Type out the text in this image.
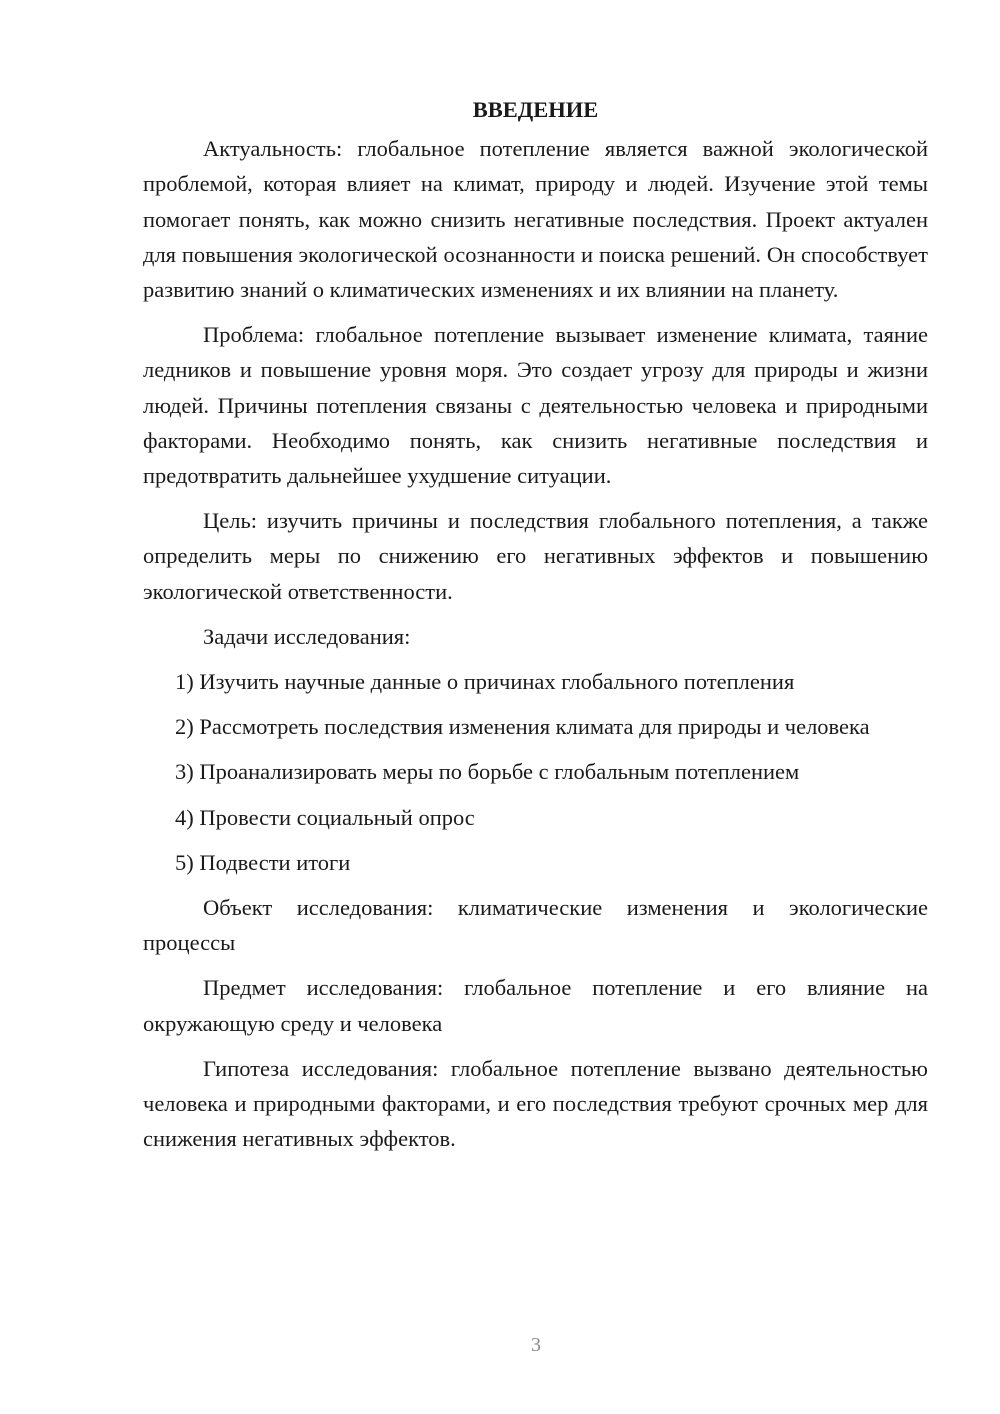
ВВЕДЕНИЕ

Актуальность: глобальное потепление является важной экологической проблемой, которая влияет на климат, природу и людей. Изучение этой темы помогает понять, как можно снизить негативные последствия. Проект актуален для повышения экологической осознанности и поиска решений. Он способствует развитию знаний о климатических изменениях и их влиянии на планету.

Проблема: глобальное потепление вызывает изменение климата, таяние ледников и повышение уровня моря. Это создает угрозу для природы и жизни людей. Причины потепления связаны с деятельностью человека и природными факторами. Необходимо понять, как снизить негативные последствия и предотвратить дальнейшее ухудшение ситуации.

Цель: изучить причины и последствия глобального потепления, а также определить меры по снижению его негативных эффектов и повышению экологической ответственности.

Задачи исследования:

1) Изучить научные данные о причинах глобального потепления

2) Рассмотреть последствия изменения климата для природы и человека

3) Проанализировать меры по борьбе с глобальным потеплением

4) Провести социальный опрос

5) Подвести итоги

Объект исследования: климатические изменения и экологические процессы

Предмет исследования: глобальное потепление и его влияние на окружающую среду и человека

Гипотеза исследования: глобальное потепление вызвано деятельностью человека и природными факторами, и его последствия требуют срочных мер для снижения негативных эффектов.

3
